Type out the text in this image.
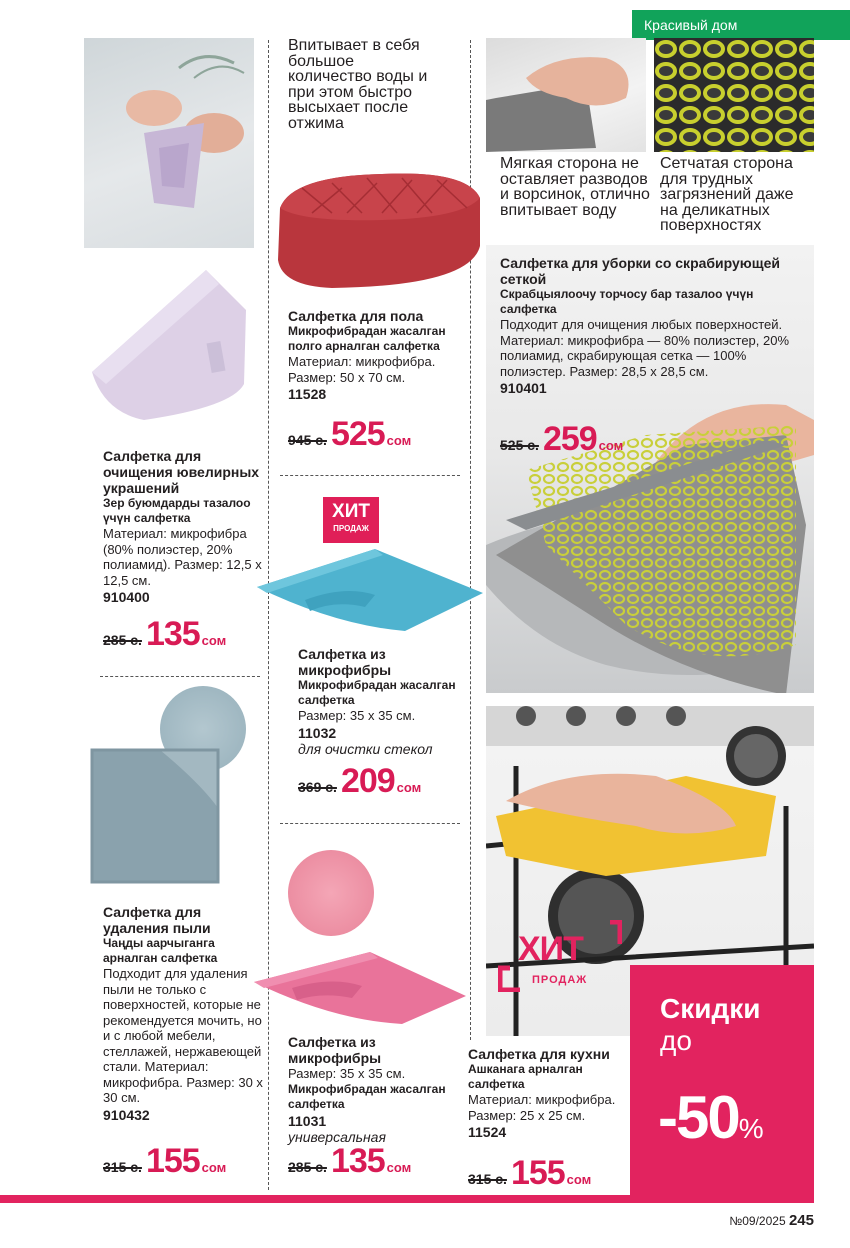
Красивый дом
Впитывает в себя большое количество воды и при этом быстро высыхает после отжима
Салфетка для пола
Микрофибрадан жасалган полго арналган салфетка
Материал: микрофибра. Размер: 50 х 70 см.
11528
945 с. 525 сом
Салфетка для очищения ювелирных украшений
Зер буюмдарды тазалоо үчүн салфетка
Материал: микрофибра (80% полиэстер, 20% полиамид). Размер: 12,5 х 12,5 см.
910400
285 с. 135 сом
ХИТ
ПРОДАЖ
Салфетка из микрофибры
Микрофибрадан жасалган салфетка
Размер: 35 х 35 см.
11032
для очистки стекол
369 с. 209 сом
Салфетка из микрофибры
Размер: 35 х 35 см.
Микрофибрадан жасалган салфетка
11031
универсальная
285 с. 135 сом
Салфетка для удаления пыли
Чаңды аарчыганга арналган салфетка
Подходит для удаления пыли не только с поверхностей, которые не рекомендуется мочить, но и с любой мебели, стеллажей, нержавеющей стали. Материал: микрофибра. Размер: 30 х 30 см.
910432
315 с. 155 сом
Мягкая сторона не оставляет разводов и ворсинок, отлично впитывает воду
Сетчатая сторона для трудных загрязнений даже на деликатных поверхностях
Салфетка для уборки со скрабирующей сеткой
Скрабцыялоочу торчосу бар тазалоо үчүн салфетка
Подходит для очищения любых поверхностей. Материал: микрофибра — 80% полиэстер, 20% полиамид, скрабирующая сетка — 100% полиэстер. Размер: 28,5 х 28,5 см.
910401
525 с. 259 сом
ХИТ
ПРОДАЖ
Салфетка для кухни
Ашканага арналган салфетка
Материал: микрофибра. Размер: 25 х 25 см.
11524
315 с. 155 сом
Скидки
до
-50%
№09/2025 245
